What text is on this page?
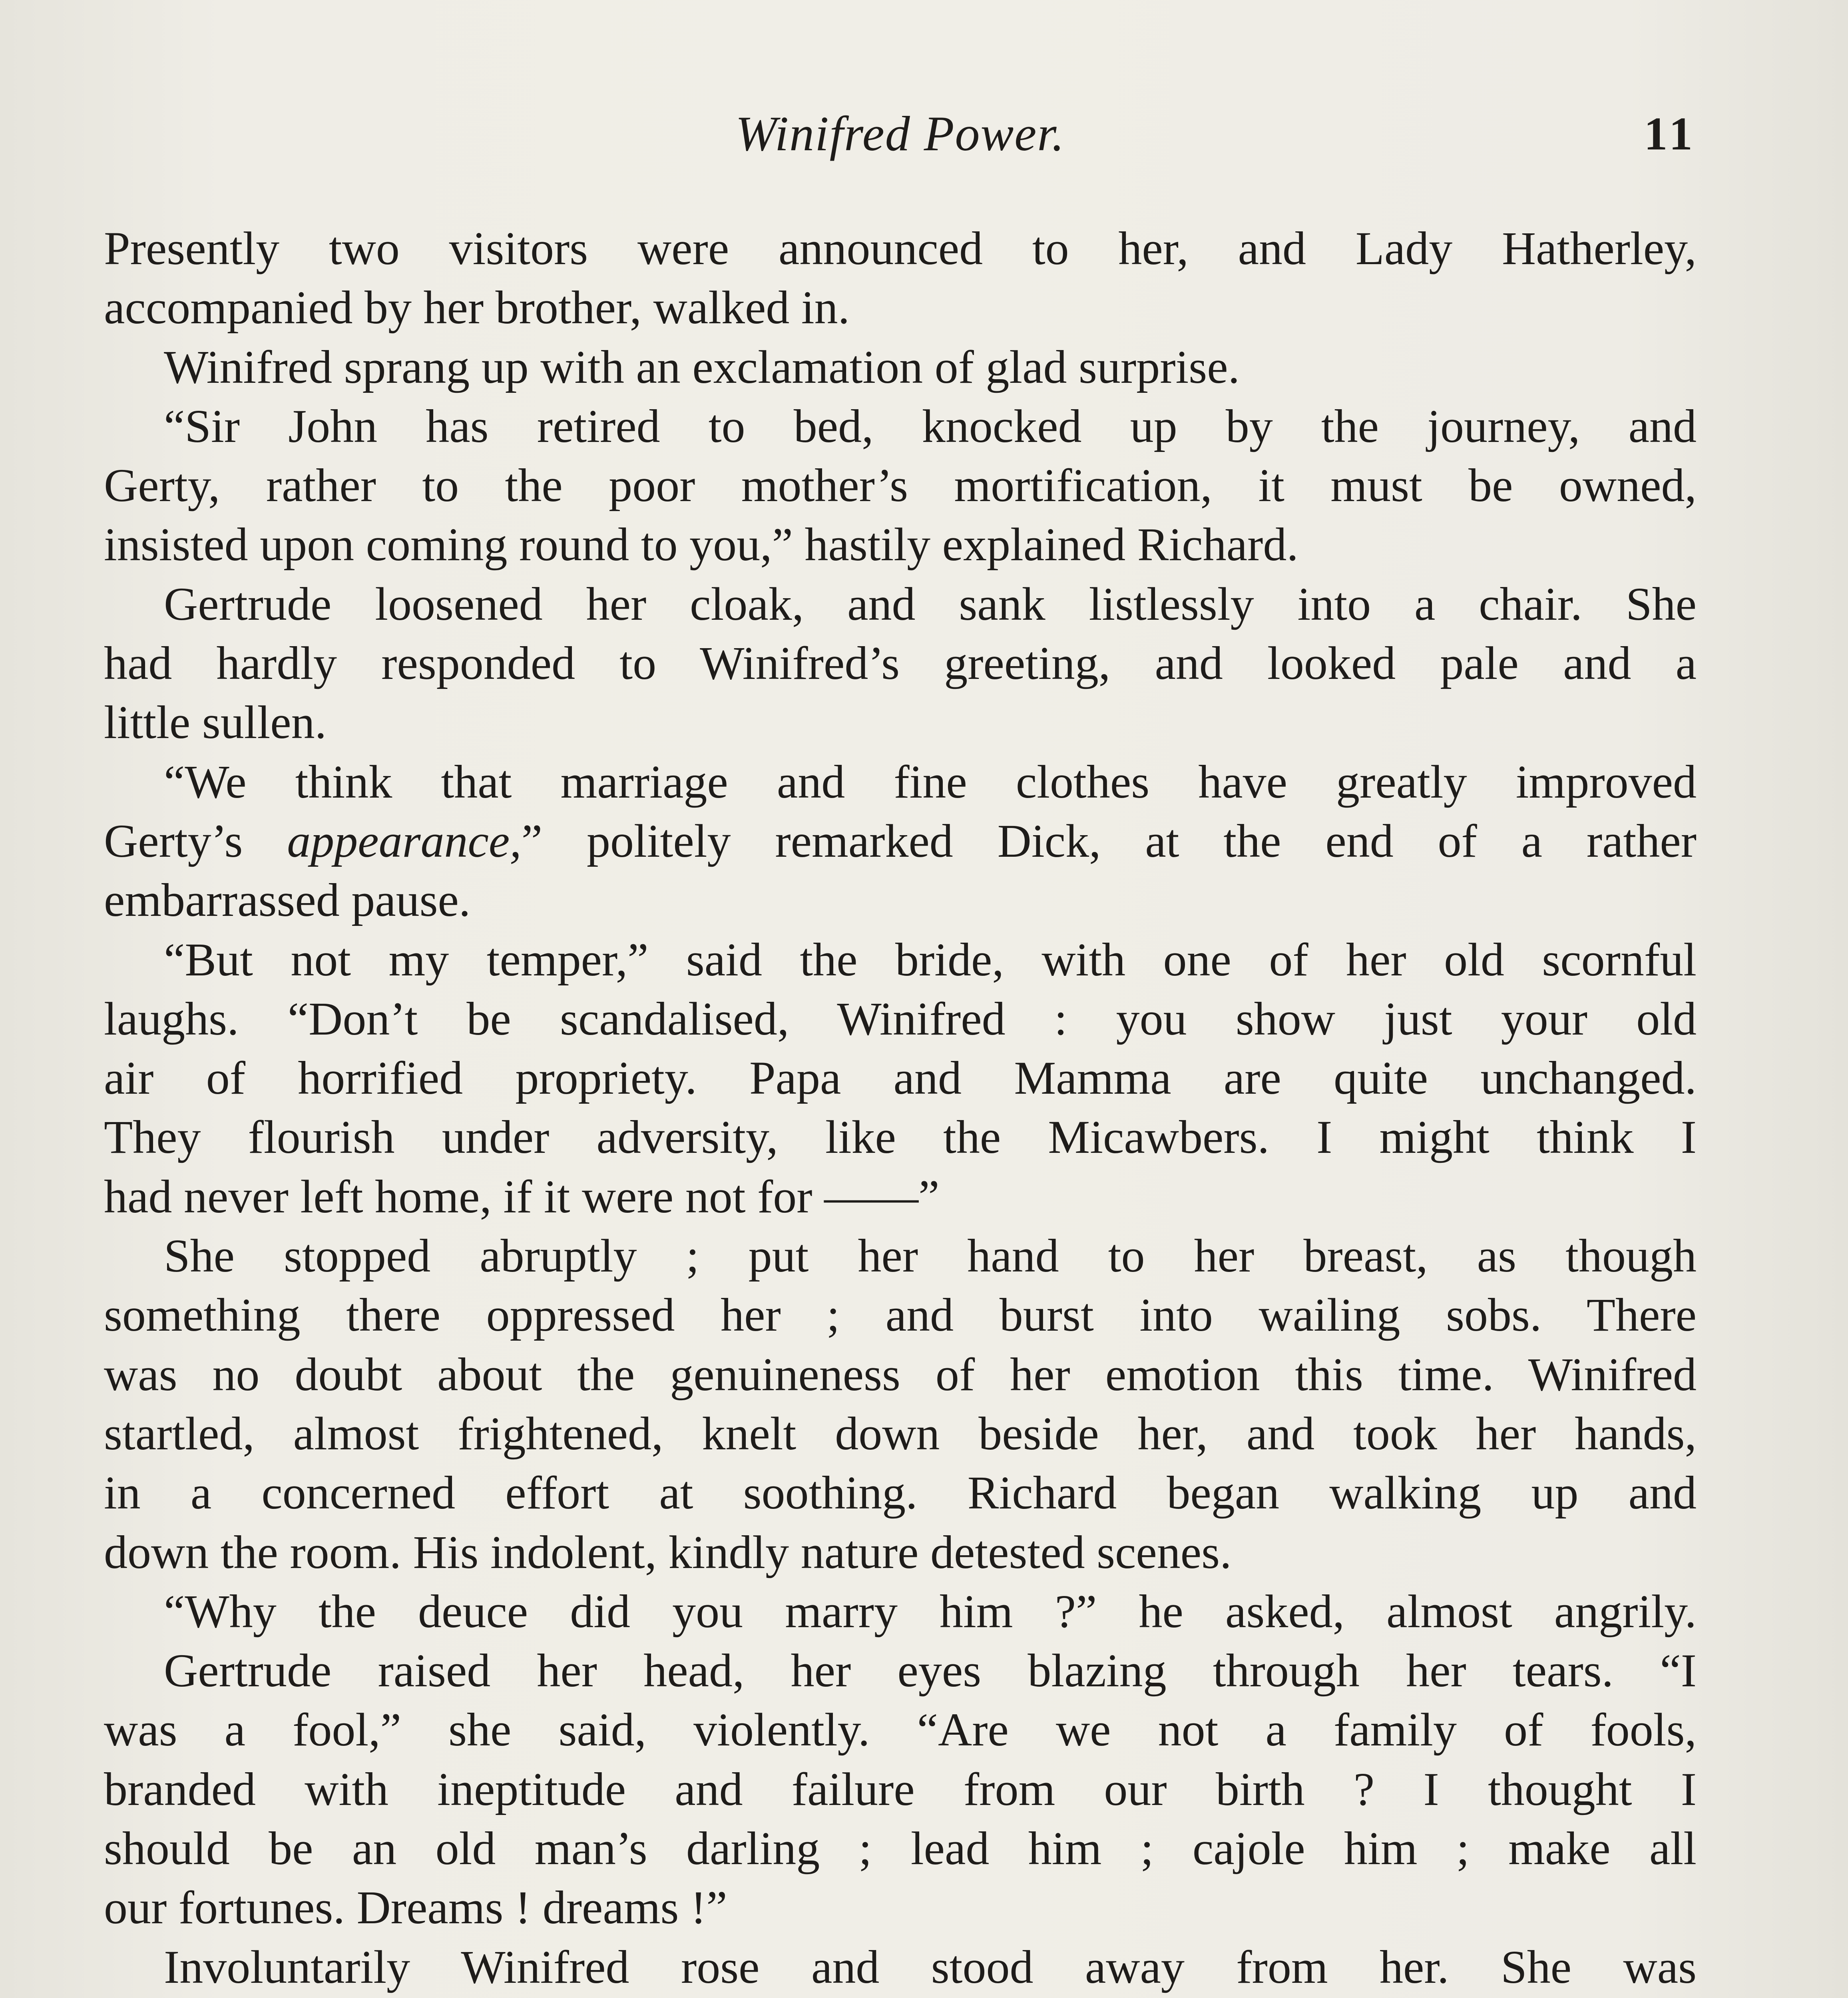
Winifred Power.	11
Presently two visitors were announced to her, and Lady Hatherley,
accompanied by her brother, walked in.
Winifred sprang up with an exclamation of glad surprise.
“Sir John has retired to bed, knocked up by the journey, and
Gerty, rather to the poor mother’s mortification, it must be owned,
insisted upon coming round to you,” hastily explained Richard.
Gertrude loosened her cloak, and sank listlessly into a chair. She
had hardly responded to Winifred’s greeting, and looked pale and a
little sullen.
“We think that marriage and fine clothes have greatly improved
Gerty’s appearance,” politely remarked Dick, at the end of a rather
embarrassed pause.
“But not my temper,” said the bride, with one of her old scornful
laughs. “Don’t be scandalised, Winifred : you show just your old
air of horrified propriety. Papa and Mamma are quite unchanged.
They flourish under adversity, like the Micawbers. I might think I
had never left home, if it were not for ——”
She stopped abruptly ; put her hand to her breast, as though
something there oppressed her ; and burst into wailing sobs. There
was no doubt about the genuineness of her emotion this time. Winifred
startled, almost frightened, knelt down beside her, and took her hands,
in a concerned effort at soothing. Richard began walking up and
down the room. His indolent, kindly nature detested scenes.
“Why the deuce did you marry him ?” he asked, almost angrily.
Gertrude raised her head, her eyes blazing through her tears. “I
was a fool,” she said, violently. “Are we not a family of fools,
branded with ineptitude and failure from our birth ? I thought I
should be an old man’s darling ; lead him ; cajole him ; make all
our fortunes. Dreams ! dreams !”
Involuntarily Winifred rose and stood away from her. She was
